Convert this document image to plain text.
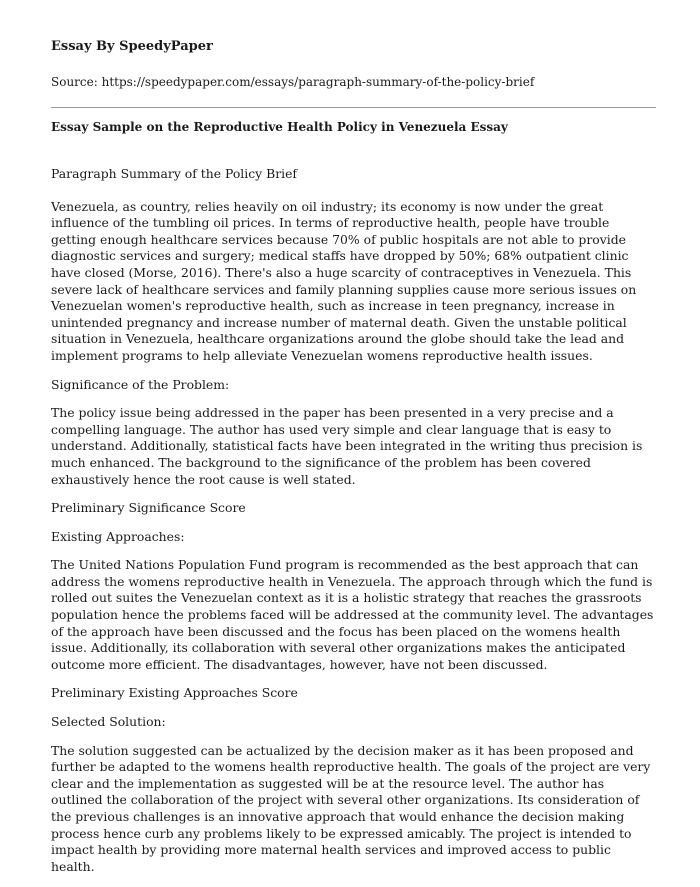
Essay By SpeedyPaper
Source: https://speedypaper.com/essays/paragraph-summary-of-the-policy-brief
Essay Sample on the Reproductive Health Policy in Venezuela Essay

Paragraph Summary of the Policy Brief

Venezuela, as country, relies heavily on oil industry; its economy is now under the great influence of the tumbling oil prices. In terms of reproductive health, people have trouble getting enough healthcare services because 70% of public hospitals are not able to provide diagnostic services and surgery; medical staffs have dropped by 50%; 68% outpatient clinic have closed (Morse, 2016). There's also a huge scarcity of contraceptives in Venezuela. This severe lack of healthcare services and family planning supplies cause more serious issues on Venezuelan women's reproductive health, such as increase in teen pregnancy, increase in unintended pregnancy and increase number of maternal death. Given the unstable political situation in Venezuela, healthcare organizations around the globe should take the lead and implement programs to help alleviate Venezuelan womens reproductive health issues.

Significance of the Problem:

The policy issue being addressed in the paper has been presented in a very precise and a compelling language. The author has used very simple and clear language that is easy to understand. Additionally, statistical facts have been integrated in the writing thus precision is much enhanced. The background to the significance of the problem has been covered exhaustively hence the root cause is well stated.

Preliminary Significance Score

Existing Approaches:

The United Nations Population Fund program is recommended as the best approach that can address the womens reproductive health in Venezuela. The approach through which the fund is rolled out suites the Venezuelan context as it is a holistic strategy that reaches the grassroots population hence the problems faced will be addressed at the community level. The advantages of the approach have been discussed and the focus has been placed on the womens health issue. Additionally, its collaboration with several other organizations makes the anticipated outcome more efficient. The disadvantages, however, have not been discussed.

Preliminary Existing Approaches Score

Selected Solution:

The solution suggested can be actualized by the decision maker as it has been proposed and further be adapted to the womens health reproductive health. The goals of the project are very clear and the implementation as suggested will be at the resource level. The author has outlined the collaboration of the project with several other organizations. Its consideration of the previous challenges is an innovative approach that would enhance the decision making process hence curb any problems likely to be expressed amicably. The project is intended to impact health by providing more maternal health services and improved access to public health.
